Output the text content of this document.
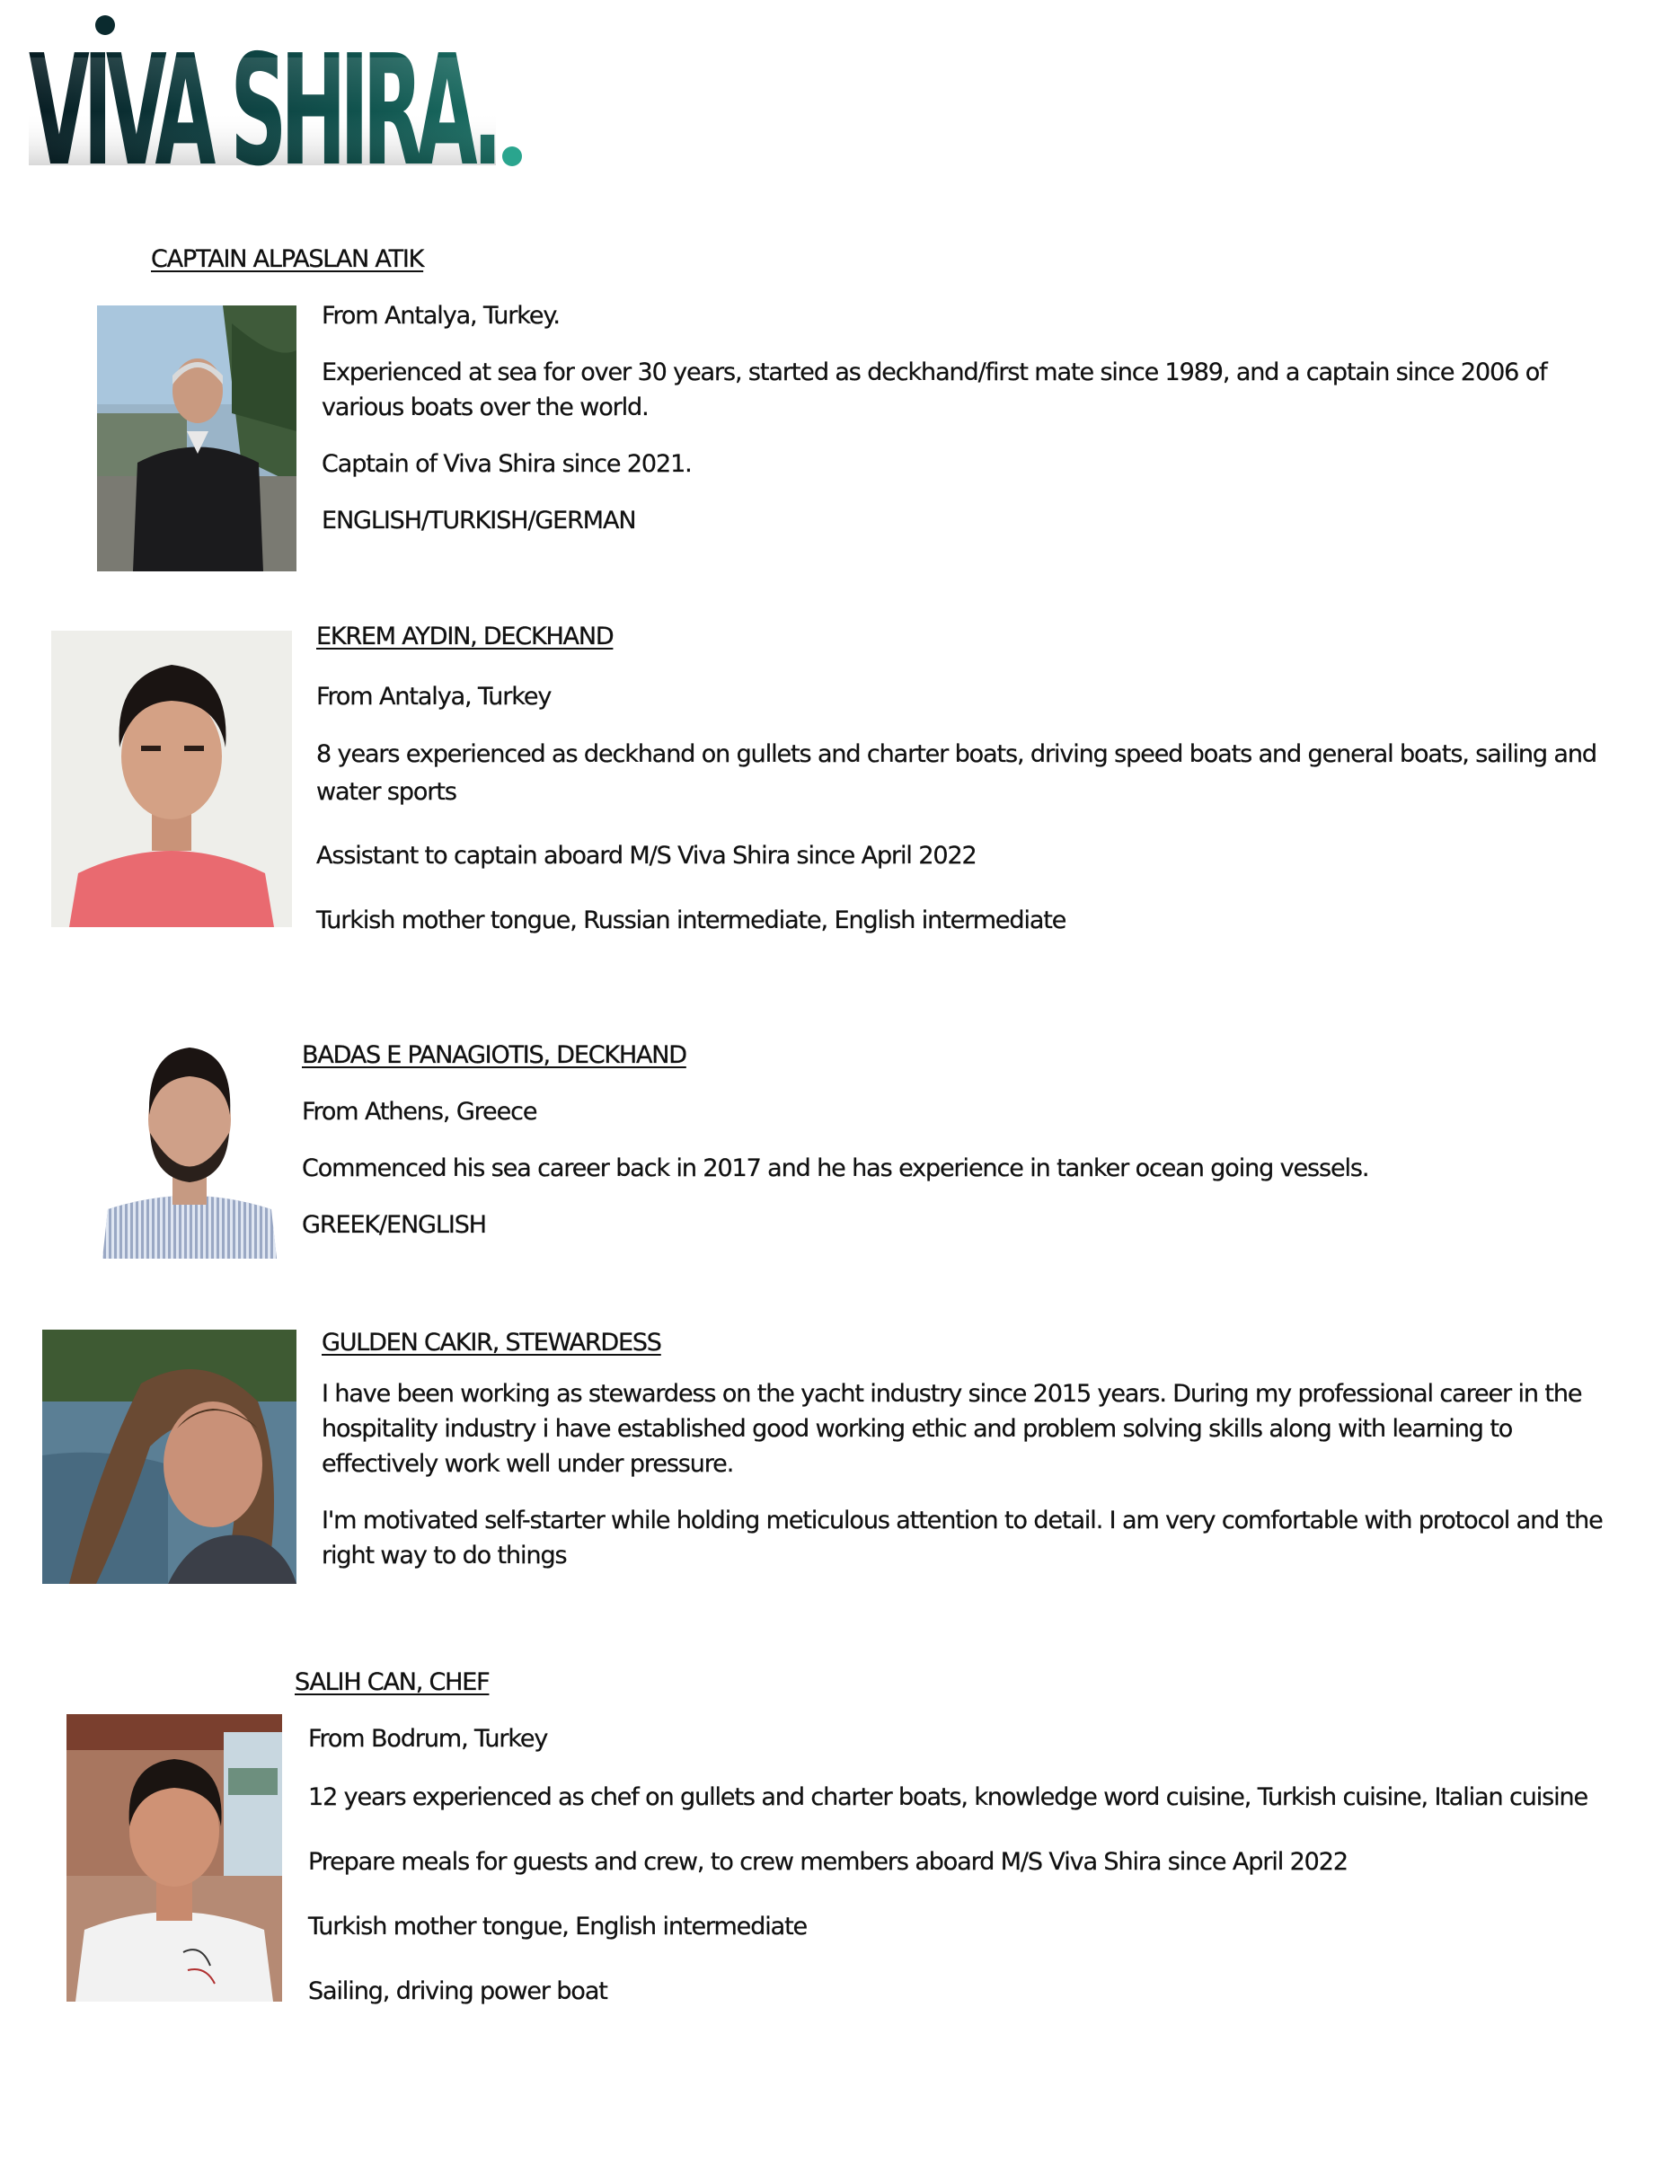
CAPTAIN ALPASLAN ATIK

From Antalya, Turkey.

Experienced at sea for over 30 years, started as deckhand/first mate since 1989, and a captain since 2006 of various boats over the world.

Captain of Viva Shira since 2021.

ENGLISH/TURKISH/GERMAN

EKREM AYDIN, DECKHAND

From Antalya, Turkey

8 years experienced as deckhand on gullets and charter boats, driving speed boats and general boats, sailing and water sports

Assistant to captain aboard M/S Viva Shira since April 2022

Turkish mother tongue, Russian intermediate, English intermediate

BADAS E PANAGIOTIS, DECKHAND

From Athens, Greece

Commenced his sea career back in 2017 and he has experience in tanker ocean going vessels.

GREEK/ENGLISH

GULDEN CAKIR, STEWARDESS

I have been working as stewardess on the yacht industry since 2015 years. During my professional career in the hospitality industry i have established good working ethic and problem solving skills along with learning to effectively work well under pressure.

I'm motivated self-starter while holding meticulous attention to detail. I am very comfortable with protocol and the right way to do things

SALIH CAN, CHEF

From Bodrum, Turkey

12 years experienced as chef on gullets and charter boats, knowledge word cuisine, Turkish cuisine, Italian cuisine

Prepare meals for guests and crew, to crew members aboard M/S Viva Shira since April 2022

Turkish mother tongue, English intermediate

Sailing, driving power boat
